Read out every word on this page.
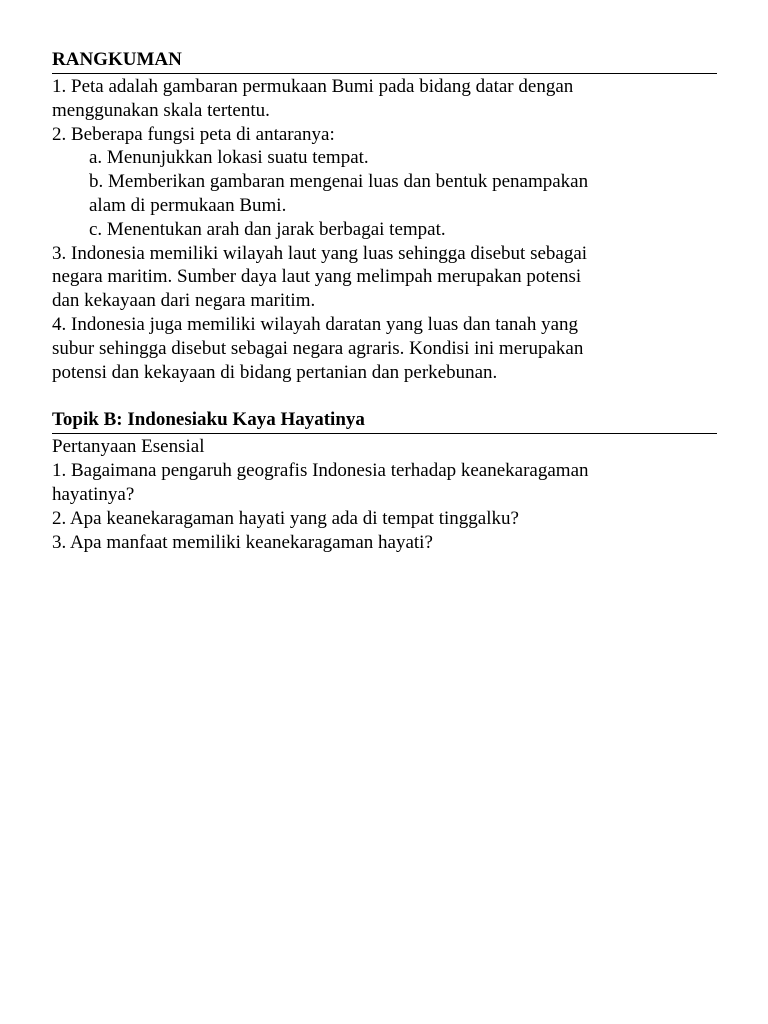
RANGKUMAN
1. Peta adalah gambaran permukaan Bumi pada bidang datar dengan
menggunakan skala tertentu.
2. Beberapa fungsi peta di antaranya:
a. Menunjukkan lokasi suatu tempat.
b. Memberikan gambaran mengenai luas dan bentuk penampakan
alam di permukaan Bumi.
c. Menentukan arah dan jarak berbagai tempat.
3. Indonesia memiliki wilayah laut yang luas sehingga disebut sebagai
negara maritim. Sumber daya laut yang melimpah merupakan potensi
dan kekayaan dari negara maritim.
4. Indonesia juga memiliki wilayah daratan yang luas dan tanah yang
subur sehingga disebut sebagai negara agraris. Kondisi ini merupakan
potensi dan kekayaan di bidang pertanian dan perkebunan.
Topik B: Indonesiaku Kaya Hayatinya
Pertanyaan Esensial
1. Bagaimana pengaruh geografis Indonesia terhadap keanekaragaman
hayatinya?
2. Apa keanekaragaman hayati yang ada di tempat tinggalku?
3. Apa manfaat memiliki keanekaragaman hayati?
